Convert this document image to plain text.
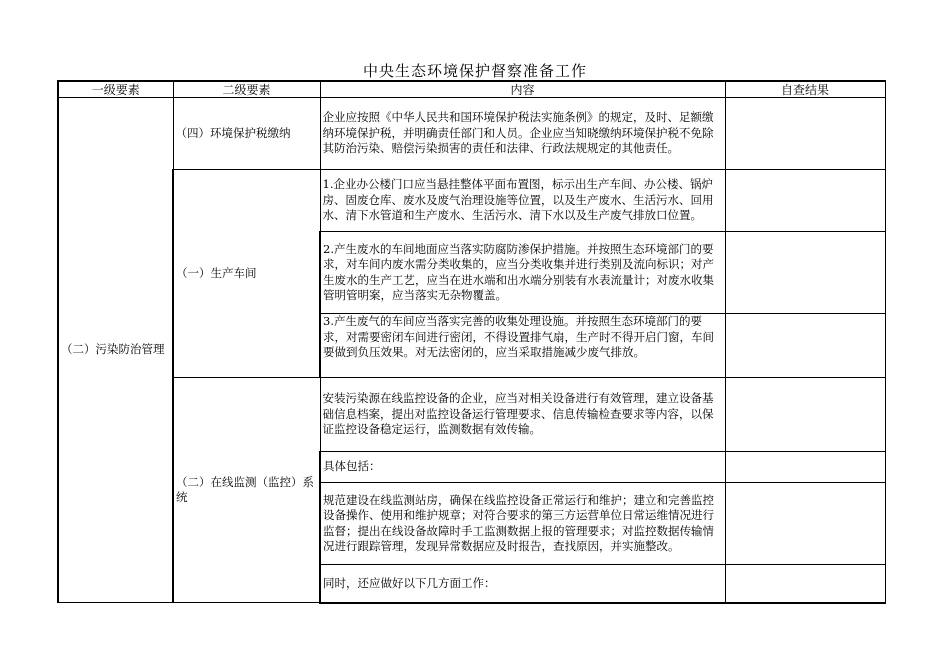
中央生态环境保护督察准备工作
一级要素	二级要素	内容	自查结果
（二）污染防治管理	（四）环境保护税缴纳	企业应按照《中华人民共和国环境保护税法实施条例》的规定，及时、足额缴纳环境保护税，并明确责任部门和人员。企业应当知晓缴纳环境保护税不免除其防治污染、赔偿污染损害的责任和法律、行政法规规定的其他责任。	
	（一）生产车间	1.企业办公楼门口应当悬挂整体平面布置图，标示出生产车间、办公楼、锅炉房、固废仓库、废水及废气治理设施等位置，以及生产废水、生活污水、回用水、清下水管道和生产废水、生活污水、清下水以及生产废气排放口位置。	
		2.产生废水的车间地面应当落实防腐防渗保护措施。并按照生态环境部门的要求，对车间内废水需分类收集的，应当分类收集并进行类别及流向标识；对产生废水的生产工艺，应当在进水端和出水端分别装有水表流量计；对废水收集管明管明案，应当落实无杂物覆盖。	
		3.产生废气的车间应当落实完善的收集处理设施。并按照生态环境部门的要求，对需要密闭车间进行密闭，不得设置排气扇，生产时不得开启门窗，车间要做到负压效果。对无法密闭的，应当采取措施减少废气排放。	
	（二）在线监测（监控）系统	安装污染源在线监控设备的企业，应当对相关设备进行有效管理，建立设备基础信息档案，提出对监控设备运行管理要求、信息传输检查要求等内容，以保证监控设备稳定运行，监测数据有效传输。	
		具体包括：	
		规范建设在线监测站房，确保在线监控设备正常运行和维护；建立和完善监控设备操作、使用和维护规章；对符合要求的第三方运营单位日常运维情况进行监督；提出在线设备故障时手工监测数据上报的管理要求；对监控数据传输情况进行跟踪管理，发现异常数据应及时报告，查找原因，并实施整改。	
		同时，还应做好以下几方面工作：	
